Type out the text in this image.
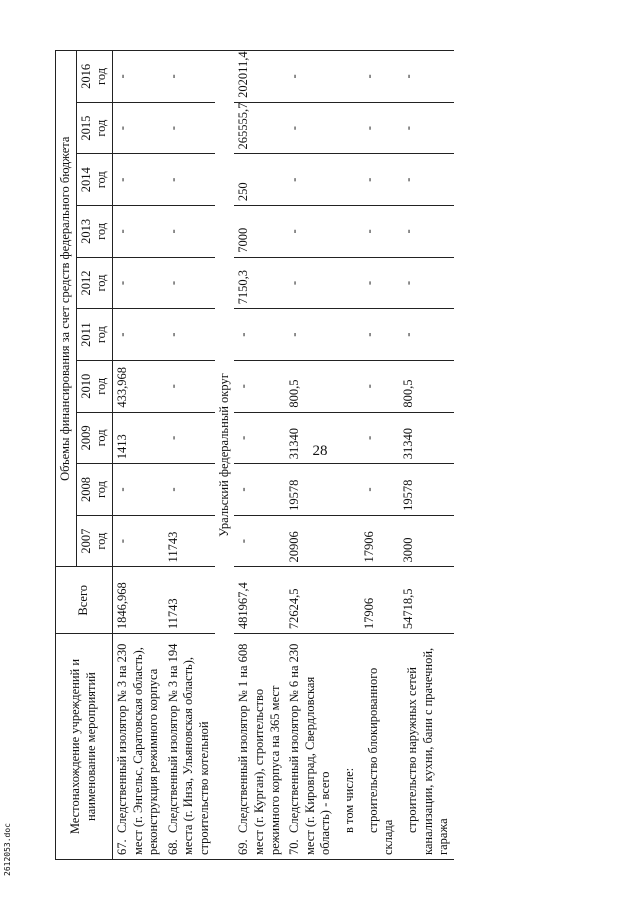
28
Местонахождение учреждений и наименование мероприятий	Всего	Объемы финансирования за счет средств федерального бюджета									
		2007 год	2008 год	2009 год	2010 год	2011 год	2012 год	2013 год	2014 год	2015 год	2016 год
67.Следственный изолятор № 3 на 230 мест (г. Энгельс, Саратовская область), реконструкция режимного корпуса	1846,968	-	-	1413	433,968	-	-	-	-	-	-
68.Следственный изолятор № 3 на 194 места (г. Инза, Ульяновская область), строительство котельной	11743	11743	-	-	-	-	-	-	-	-	-
Уральский федеральный округ											
69.Следственный изолятор № 1 на 608 мест (г. Курган), строительство режимного корпуса на 365 мест	481967,4	-	-	-	-	-	7150,3	7000	250	265555,7	202011,4
70.Следственный изолятор № 6 на 230 мест (г. Кировград, Свердловская область) - всего	72624,5	20906	19578	31340	800,5	-	-	-	-	-	-
в том числе:											
строительство блокированного склада	17906	17906	-	-	-	-	-	-	-	-	-
строительство наружных сетей канализации, кухни, бани с прачечной, гаража	54718,5	3000	19578	31340	800,5	-	-	-	-	-	-
2612053.doc
